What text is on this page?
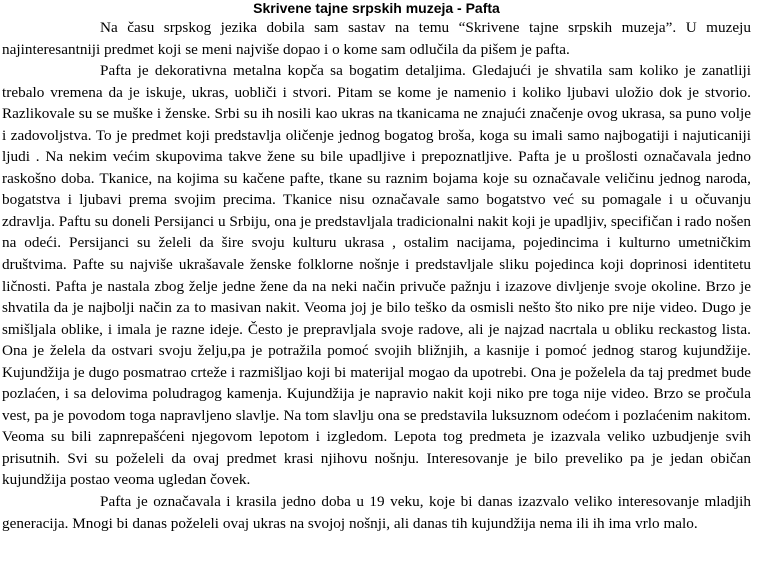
Skrivene tajne srpskih muzeja - Pafta

Na času srpskog jezika dobila sam sastav na temu “Skrivene tajne srpskih muzeja”. U muzeju najinteresantniji predmet koji se meni najviše dopao i o kome sam odlučila da pišem je pafta.

Pafta je dekorativna metalna kopča sa bogatim detaljima. Gledajući je shvatila sam koliko je zanatliji trebalo vremena da je iskuje, ukras, uobliči i stvori. Pitam se kome je namenio i koliko ljubavi uložio dok je stvorio. Razlikovale su se muške i ženske. Srbi su ih nosili kao ukras na tkanicama ne znajući značenje ovog ukrasa, sa puno volje i zadovoljstva. To je predmet koji predstavlja oličenje jednog bogatog broša, koga su imali samo najbogatiji i najuticaniji ljudi . Na nekim većim skupovima takve žene su bile upadljive i prepoznatljive. Pafta je u prošlosti označavala jedno raskošno doba. Tkanice, na kojima su kačene pafte, tkane su raznim bojama koje su označavale veličinu jednog naroda, bogatstva i ljubavi prema svojim precima. Tkanice nisu označavale samo bogatstvo već su pomagale i u očuvanju zdravlja. Paftu su doneli Persijanci u Srbiju, ona je predstavljala tradicionalni nakit koji je upadljiv, specifičan i rado nošen na odeći. Persijanci su želeli da šire svoju kulturu ukrasa , ostalim nacijama, pojedincima i kulturno umetničkim društvima. Pafte su najviše ukrašavale ženske folklorne nošnje i predstavljale sliku pojedinca koji doprinosi identitetu ličnosti. Pafta je nastala zbog želje jedne žene da na neki način privuče pažnju i izazove divljenje svoje okoline. Brzo je shvatila da je najbolji način za to masivan nakit. Veoma joj je bilo teško da osmisli nešto što niko pre nije video. Dugo je smišljala oblike, i imala je razne ideje. Često je prepravljala svoje radove, ali je najzad nacrtala u obliku reckastog lista. Ona je želela da ostvari svoju želju,pa je potražila pomoć svojih bližnjih, a kasnije i pomoć jednog starog kujundžije. Kujundžija je dugo posmatrao crteže i razmišljao koji bi materijal mogao da upotrebi. Ona je poželela da taj predmet bude pozlaćen, i sa delovima poludragog kamenja. Kujundžija je napravio nakit koji niko pre toga nije video. Brzo se pročula vest, pa je povodom toga napravljeno slavlje. Na tom slavlju ona se predstavila luksuznom odećom i pozlaćenim nakitom. Veoma su bili zapnrepašćeni njegovom lepotom i izgledom. Lepota tog predmeta je izazvala veliko uzbudjenje svih prisutnih. Svi su poželeli da ovaj predmet krasi njihovu nošnju. Interesovanje je bilo preveliko pa je jedan običan kujundžija postao veoma ugledan čovek.

Pafta je označavala i krasila jedno doba u 19 veku, koje bi danas izazvalo veliko interesovanje mladjih generacija. Mnogi bi danas poželeli ovaj ukras na svojoj nošnji, ali danas tih kujundžija nema ili ih ima vrlo malo.
